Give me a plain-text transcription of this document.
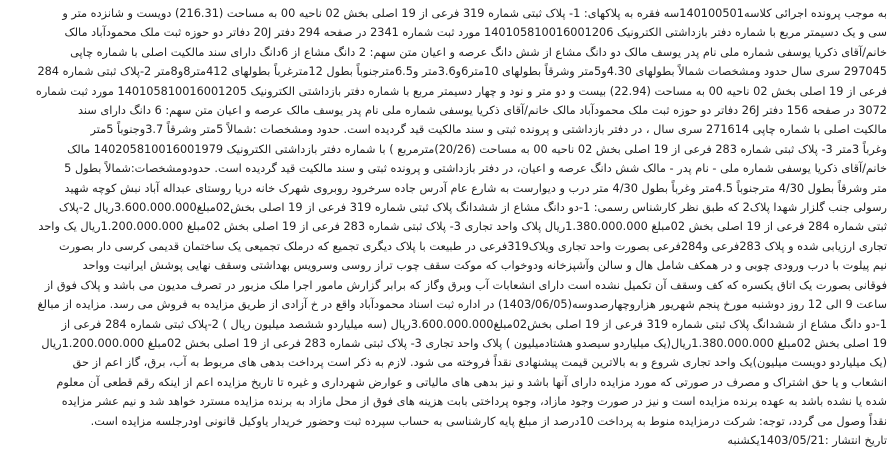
به موجب پرونده اجرائی کلاسه140100501سه فقره به پلاکهای: 1- پلاک ثبتی شماره 319 فرعی از 19 اصلی بخش 02 ناحیه 00 به مساحت (216.31) دویست و شانزده متر و
سی و یک دسیمتر مربع با شماره دفتر بازداشتی الکترونیک 140105810016001206 مورد ثبت شماره 2341 در صفحه 294 دفتر 20J دفاتر دو حوزه ثبت ملک محمودآباد مالک
خانم/آقای ذکریا یوسفی شماره ملی نام پدر یوسف مالک دو دانگ مشاع از شش دانگ عرصه و اعیان متن سهم: 2 دانگ مشاع از 6دانگ دارای سند مالکیت اصلی با شماره چاپی
297045 سری سال حدود ومشخصات شمالاً بطولهای 4.30و5متر وشرقاً بطولهای 10متر6و3.6متر و6.5مترجنوباً بطول 12مترغرباً بطولهای 412متر8و8متر 2-پلاک ثبتی شماره 284
فرعی از 19 اصلی بخش 02 ناحیه 00 به مساحت (22.94) بیست و دو متر و نود و چهار دسیمتر مربع با شماره دفتر بازداشتی الکترونیک 140105810016001205 مورد ثبت شماره
3072 در صفحه 156 دفتر 26J دفاتر دو حوزه ثبت ملک محمودآباد مالک خانم/آقای ذکریا یوسفی شماره ملی نام پدر یوسف مالک عرصه و اعیان متن سهم: 6 دانگ دارای سند
مالکیت اصلی با شماره چاپی 271614 سری سال ، در دفتر بازداشتی و پرونده ثبتی و سند مالکیت قید گردیده است. حدود ومشخصات :شمالاً 5متر وشرقاً 3.7وجنوباً 5متر
وغرباً 3متر 3- پلاک ثبتی شماره 283 فرعی از 19 اصلی بخش 02 ناحیه 00 به مساحت (20/26)مترمربع ) با شماره دفتر بازداشتی الکترونیک 140205810016001979 مالک
خانم/آقای ذکریا یوسفی شماره ملی - نام پدر - مالک شش دانگ عرصه و اعیان، در دفتر بازداشتی و پرونده ثبتی و سند مالکیت قید گردیده است. حدودومشخصات:شمالاً بطول 5
متر وشرقاً بطول 4/30 مترجنوباً 4.5متر وغرباً بطول 4/30 متر درب و دیوارست به شارع عام آدرس جاده سرخرود روبروی شهرک خانه دریا روستای عبداله آباد نبش کوچه شهید
رسولی جنب گلزار شهدا پلاک2 که طبق نظر کارشناس رسمی: 1-دو دانگ مشاع از ششدانگ پلاک ثبتی شماره 319 فرعی از 19 اصلی بخش02مبلغ3.600.000.000ریال 2-پلاک
ثبتی شماره 284 فرعی از 19 اصلی بخش 02مبلغ 1.380.000.000ریال پلاک واحد تجاری 3- پلاک ثبتی شماره 283 فرعی از 19 اصلی بخش 02مبلغ 1.200.000.000ریال یک واحد
تجاری ارزیابی شده و پلاک 283فرعی و284فرعی بصورت واحد تجاری ویلاک319فرعی در طبیعت با پلاک دیگری تجمیع که درملک تجمیعی یک ساختمان قدیمی کرسی دار بصورت
نیم پیلوت با درب ورودی چوبی و در همکف شامل هال و سالن وآشپزخانه ودوخواب که موکت سقف چوب تراز روسی وسرویس بهداشتی وسقف نهایی پوشش ایرانیت وواحد
فوقانی بصورت یک اتاق یکسره که کف وسقف آن تکمیل نشده است دارای انشعابات آب وبرق وگاز که برابر گزارش مامور اجرا ملک مزبور در تصرف مدیون می باشد و پلاک فوق از
ساعت 9 الی 12 روز دوشنبه مورخ پنجم شهریور هزاروچهارصدوسه(1403/06/05) در اداره ثبت اسناد محمودآباد واقع در خ آزادی از طریق مزایده به فروش می رسد. مزایده از مبالغ
1-دو دانگ مشاع از ششدانگ پلاک ثبتی شماره 319 فرعی از 19 اصلی بخش02مبلغ3.600.000.000ریال (سه میلیاردو ششصد میلیون ریال ) 2-پلاک ثبتی شماره 284 فرعی از
19 اصلی بخش 02مبلغ 1.380.000.000ریال(یک میلیاردو سیصدو هشتادمیلیون ) پلاک واحد تجاری 3- پلاک ثبتی شماره 283 فرعی از 19 اصلی بخش 02مبلغ 1.200.000.000ریال
(یک میلیاردو دویست میلیون)یک واحد تجاری شروع و به بالاترین قیمت پیشنهادی نقداً فروخته می شود. لازم به ذکر است پرداخت بدهی های مربوط به آب، برق، گاز اعم از حق
انشعاب و یا حق اشتراک و مصرف در صورتی که مورد مزایده دارای آنها باشد و نیز بدهی های مالیاتی و عوارض شهرداری و غیره تا تاریخ مزایده اعم از اینکه رقم قطعی آن معلوم
شده یا نشده باشد به عهده برنده مزایده است و نیز در صورت وجود مازاد، وجوه پرداختی بابت هزینه های فوق از محل مازاد به برنده مزایده مسترد خواهد شد و نیم عشر مزایده
نقداً وصول می گردد، توجه: شرکت درمزایده منوط به پرداخت 10درصد از مبلغ پایه کارشناسی به حساب سپرده ثبت وحضور خریدار یاوکیل قانونی اودرجلسه مزایده است.
تاریخ انتشار :1403/05/21یکشنبه
